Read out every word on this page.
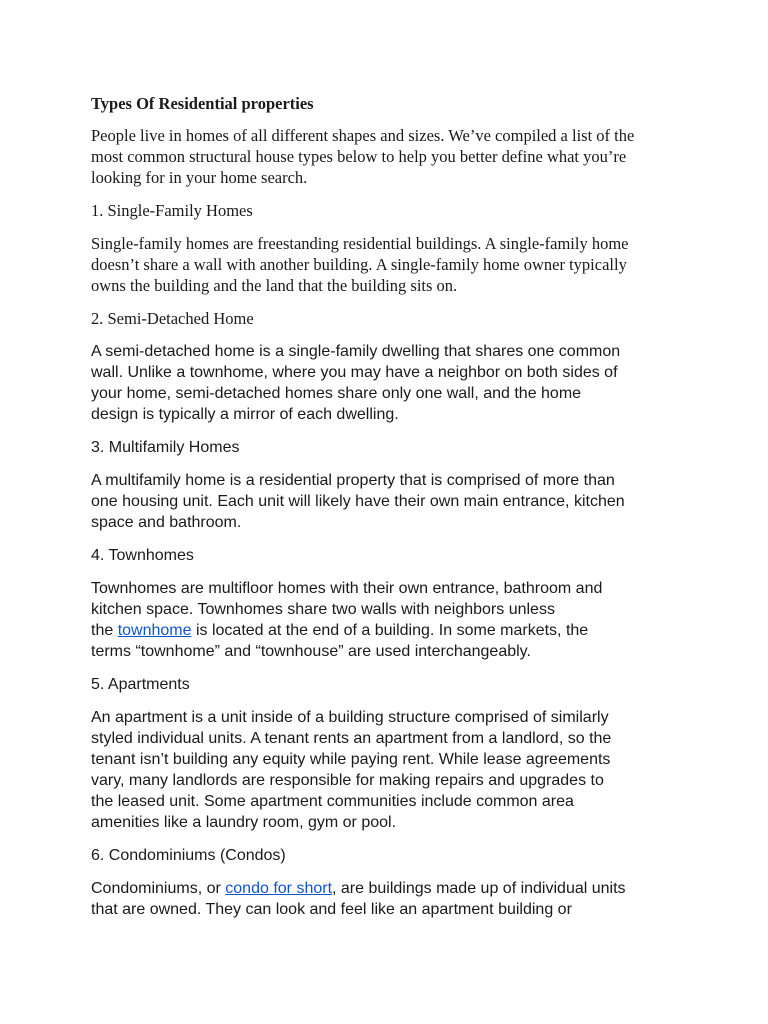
Types Of Residential properties
People live in homes of all different shapes and sizes. We’ve compiled a list of the
most common structural house types below to help you better define what you’re
looking for in your home search.
1. Single-Family Homes
Single-family homes are freestanding residential buildings. A single-family home
doesn’t share a wall with another building. A single-family home owner typically
owns the building and the land that the building sits on.
2. Semi-Detached Home
A semi-detached home is a single-family dwelling that shares one common
wall. Unlike a townhome, where you may have a neighbor on both sides of
your home, semi-detached homes share only one wall, and the home
design is typically a mirror of each dwelling.
3. Multifamily Homes
A multifamily home is a residential property that is comprised of more than
one housing unit. Each unit will likely have their own main entrance, kitchen
space and bathroom.
4. Townhomes
Townhomes are multifloor homes with their own entrance, bathroom and
kitchen space. Townhomes share two walls with neighbors unless
the townhome is located at the end of a building. In some markets, the
terms “townhome” and “townhouse” are used interchangeably.
5. Apartments
An apartment is a unit inside of a building structure comprised of similarly
styled individual units. A tenant rents an apartment from a landlord, so the
tenant isn’t building any equity while paying rent. While lease agreements
vary, many landlords are responsible for making repairs and upgrades to
the leased unit. Some apartment communities include common area
amenities like a laundry room, gym or pool.
6. Condominiums (Condos)
Condominiums, or condo for short, are buildings made up of individual units
that are owned. They can look and feel like an apartment building or
